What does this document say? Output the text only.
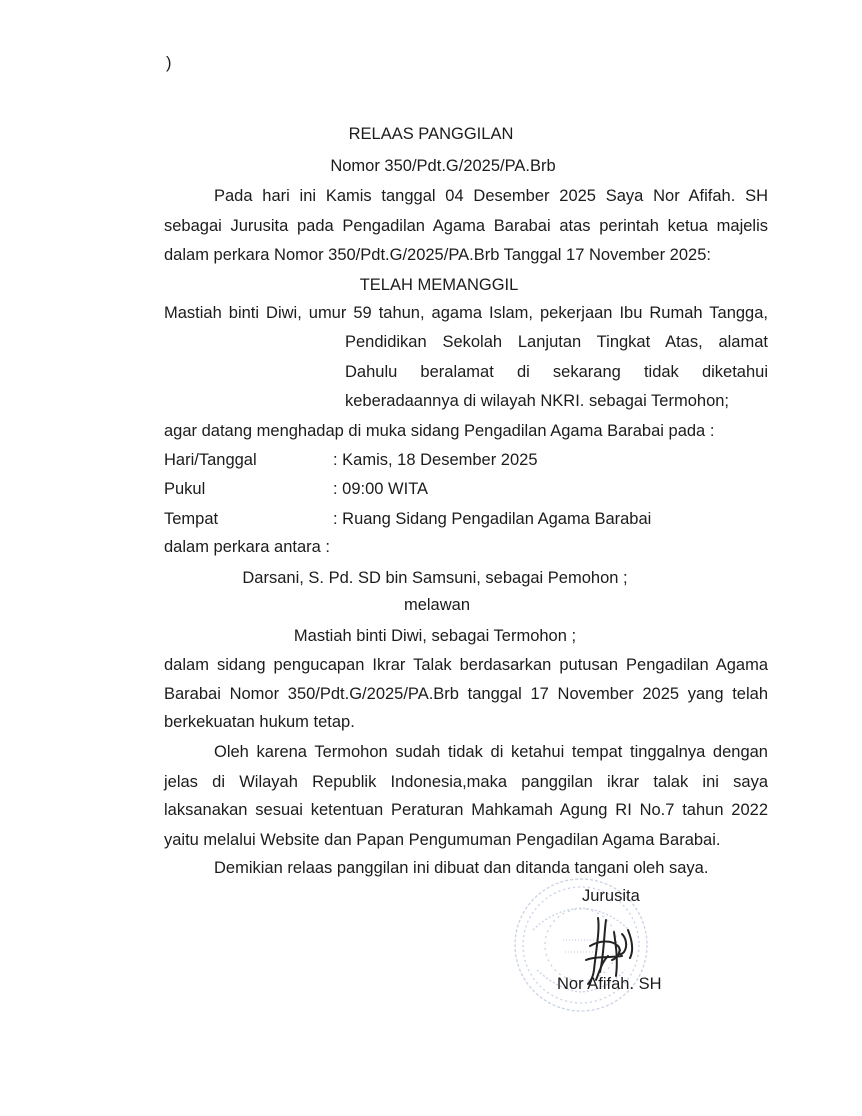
)
RELAAS PANGGILAN
Nomor 350/Pdt.G/2025/PA.Brb
Pada hari ini Kamis tanggal 04 Desember 2025 Saya Nor Afifah. SH
sebagai Jurusita pada Pengadilan Agama Barabai atas perintah ketua majelis
dalam perkara Nomor 350/Pdt.G/2025/PA.Brb Tanggal 17 November 2025:
TELAH MEMANGGIL
Mastiah binti Diwi, umur 59 tahun, agama Islam, pekerjaan Ibu Rumah Tangga,
Pendidikan Sekolah Lanjutan Tingkat Atas, alamat
Dahulu beralamat di sekarang tidak diketahui
keberadaannya di wilayah NKRI. sebagai Termohon;
agar datang menghadap di muka sidang Pengadilan Agama Barabai pada :
Hari/Tanggal	: Kamis, 18 Desember 2025
Pukul	: 09:00 WITA
Tempat	: Ruang Sidang Pengadilan Agama Barabai
dalam perkara antara :
Darsani, S. Pd. SD bin Samsuni, sebagai Pemohon ;
melawan
Mastiah binti Diwi, sebagai Termohon ;
dalam sidang pengucapan Ikrar Talak berdasarkan putusan Pengadilan Agama
Barabai Nomor 350/Pdt.G/2025/PA.Brb tanggal 17 November 2025 yang telah
berkekuatan hukum tetap.
Oleh karena Termohon sudah tidak di ketahui tempat tinggalnya dengan
jelas di Wilayah Republik Indonesia,maka panggilan ikrar talak ini saya
laksanakan sesuai ketentuan Peraturan Mahkamah Agung RI No.7 tahun 2022
yaitu melalui Website dan Papan Pengumuman Pengadilan Agama Barabai.
Demikian relaas panggilan ini dibuat dan ditanda tangani oleh saya.
Jurusita
Nor Afifah. SH
